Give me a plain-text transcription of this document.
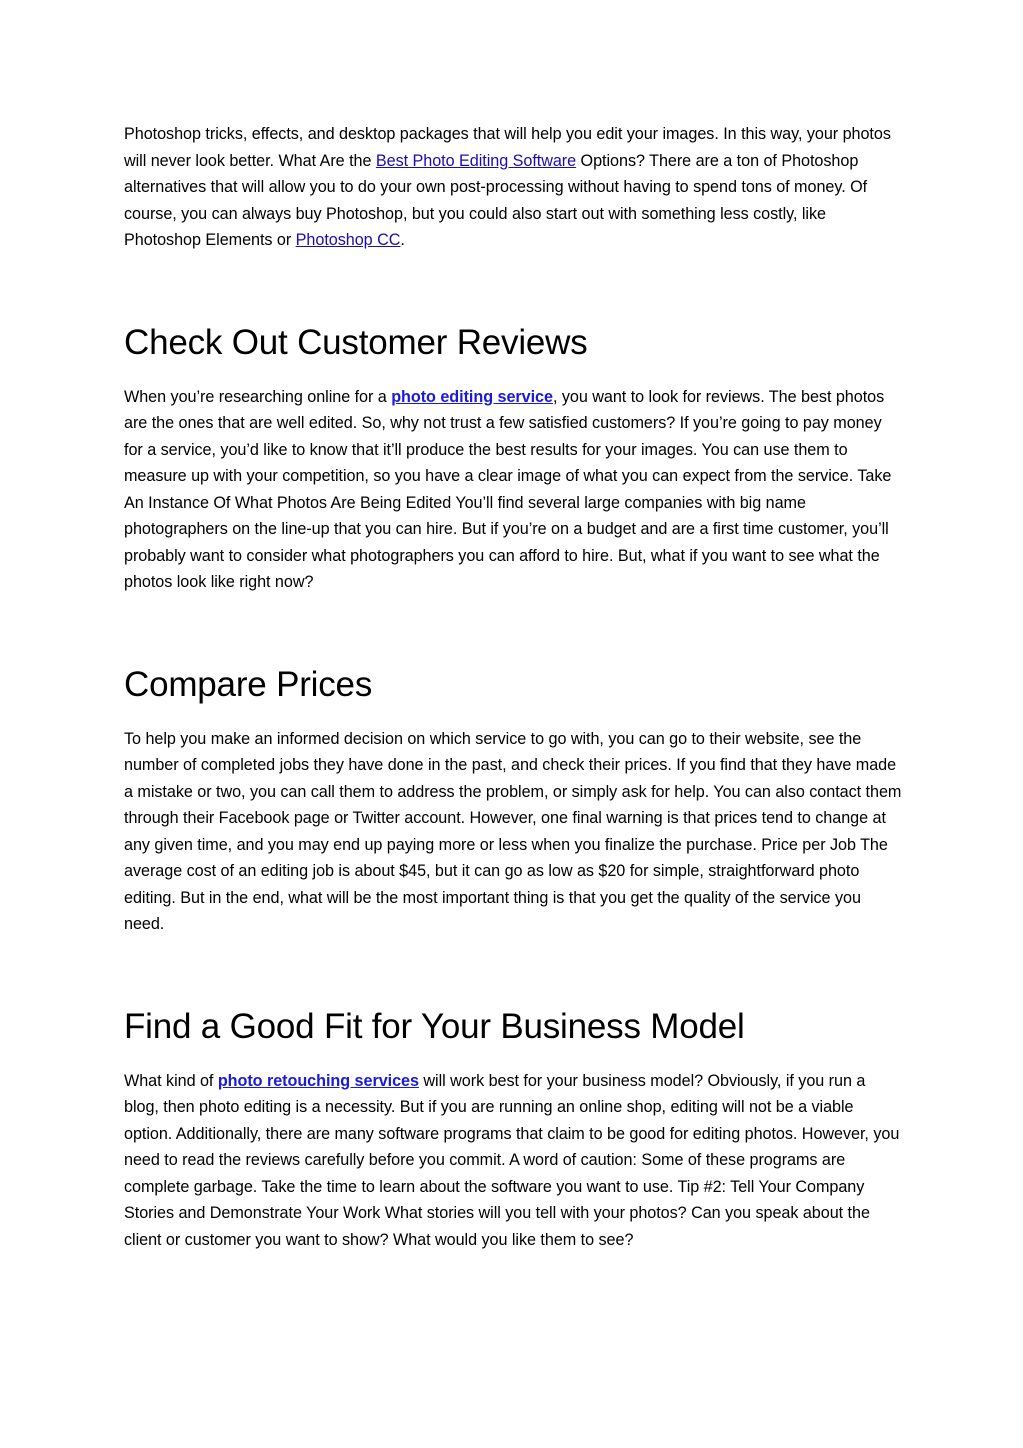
Photoshop tricks, effects, and desktop packages that will help you edit your images. In this way, your photos will never look better. What Are the Best Photo Editing Software Options? There are a ton of Photoshop alternatives that will allow you to do your own post-processing without having to spend tons of money. Of course, you can always buy Photoshop, but you could also start out with something less costly, like Photoshop Elements or Photoshop CC.

Check Out Customer Reviews

When you’re researching online for a photo editing service, you want to look for reviews. The best photos are the ones that are well edited. So, why not trust a few satisfied customers? If you’re going to pay money for a service, you’d like to know that it’ll produce the best results for your images. You can use them to measure up with your competition, so you have a clear image of what you can expect from the service. Take An Instance Of What Photos Are Being Edited You’ll find several large companies with big name photographers on the line-up that you can hire. But if you’re on a budget and are a first time customer, you’ll probably want to consider what photographers you can afford to hire. But, what if you want to see what the photos look like right now?

Compare Prices

To help you make an informed decision on which service to go with, you can go to their website, see the number of completed jobs they have done in the past, and check their prices. If you find that they have made a mistake or two, you can call them to address the problem, or simply ask for help. You can also contact them through their Facebook page or Twitter account. However, one final warning is that prices tend to change at any given time, and you may end up paying more or less when you finalize the purchase. Price per Job The average cost of an editing job is about $45, but it can go as low as $20 for simple, straightforward photo editing. But in the end, what will be the most important thing is that you get the quality of the service you need.

Find a Good Fit for Your Business Model

What kind of photo retouching services will work best for your business model? Obviously, if you run a blog, then photo editing is a necessity. But if you are running an online shop, editing will not be a viable option. Additionally, there are many software programs that claim to be good for editing photos. However, you need to read the reviews carefully before you commit. A word of caution: Some of these programs are complete garbage. Take the time to learn about the software you want to use. Tip #2: Tell Your Company Stories and Demonstrate Your Work What stories will you tell with your photos? Can you speak about the client or customer you want to show? What would you like them to see?
